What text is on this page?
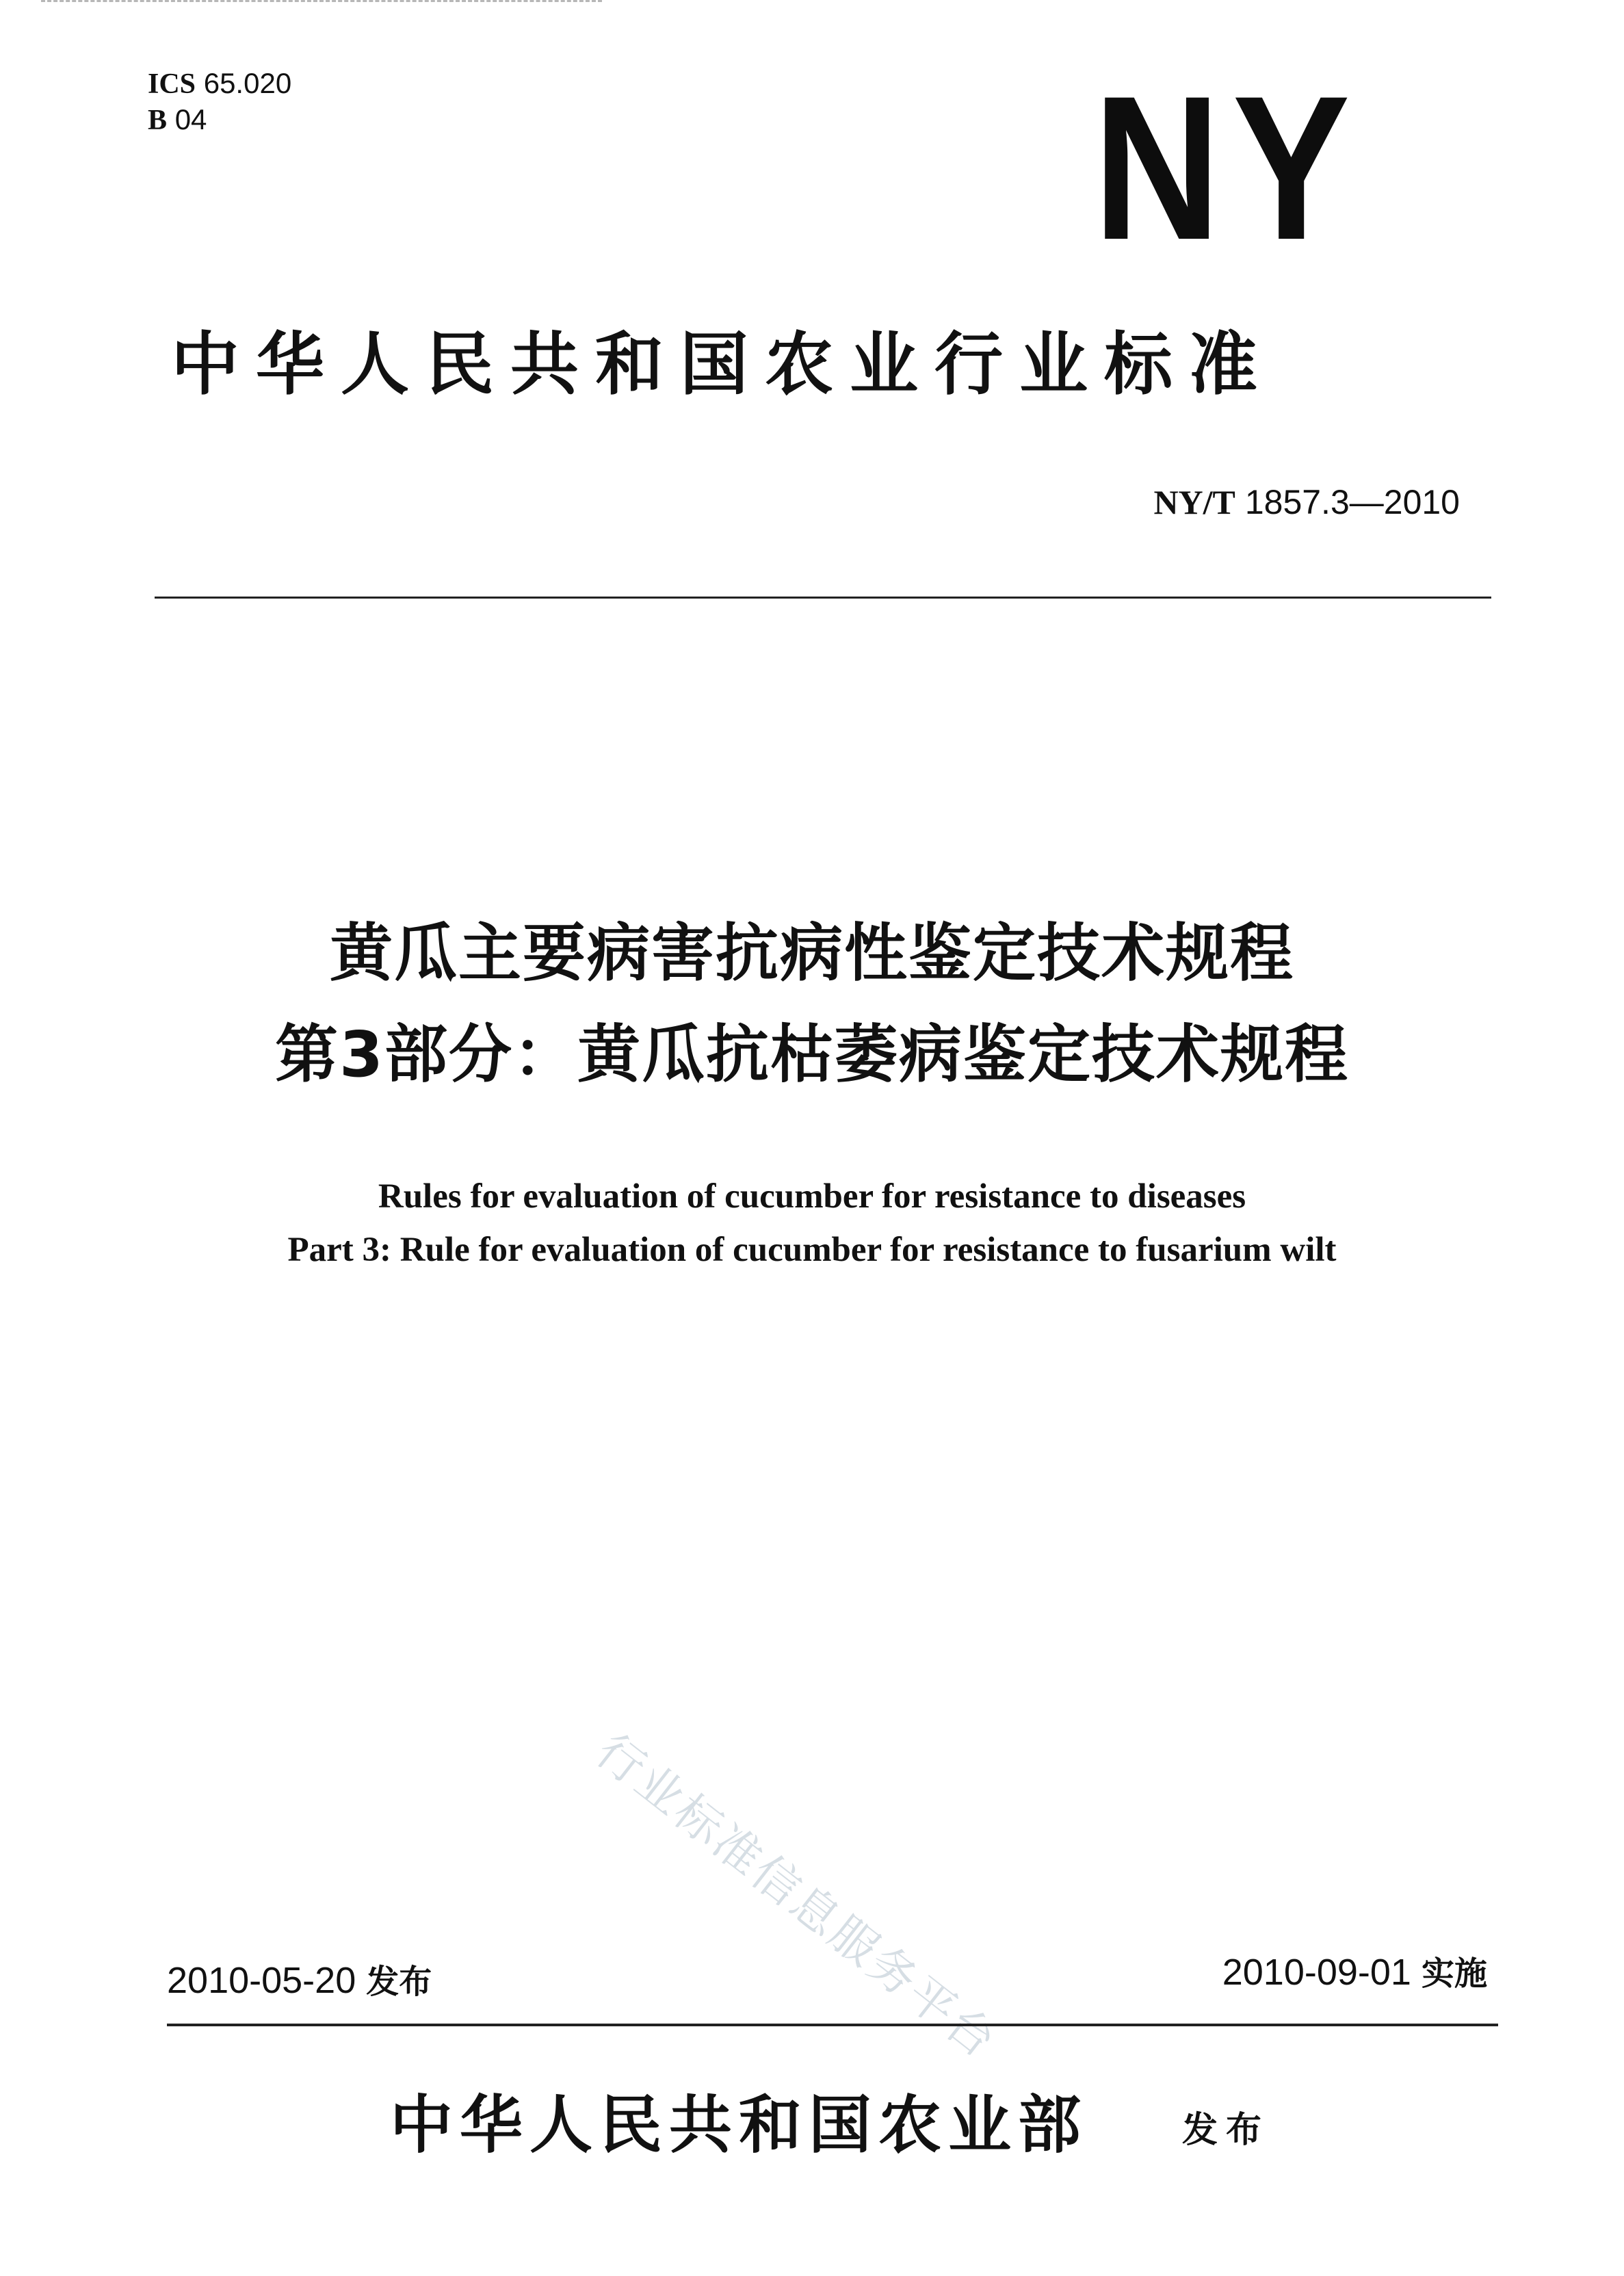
ICS 65.020
B 04	NY
中华人民共和国农业行业标准
NY/T 1857.3—2010
黄瓜主要病害抗病性鉴定技术规程
第3部分：黄瓜抗枯萎病鉴定技术规程
Rules for evaluation of cucumber for resistance to diseases
Part 3: Rule for evaluation of cucumber for resistance to fusarium wilt
行业标准信息服务平台
2010-05-20 发布	2010-09-01 实施
中华人民共和国农业部	发布
